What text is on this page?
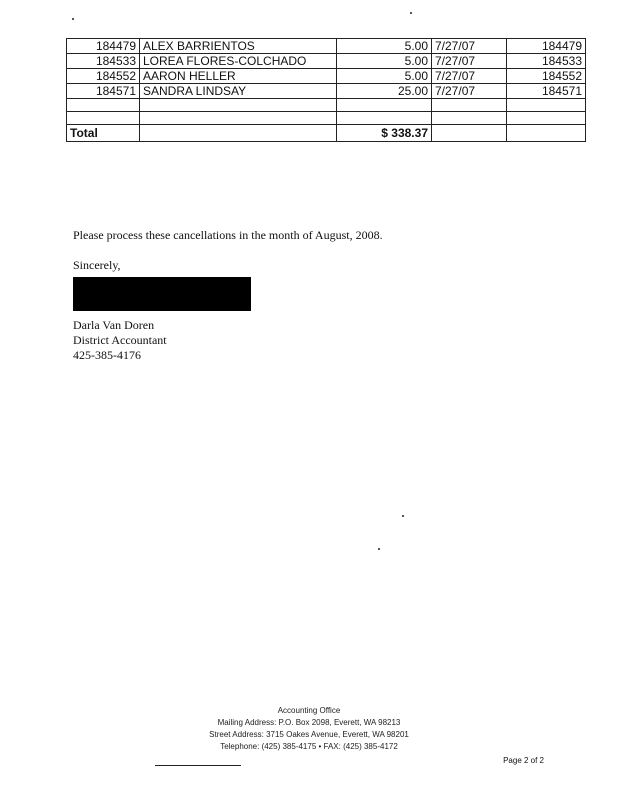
184479	ALEX BARRIENTOS	5.00	7/27/07	184479
184533	LOREA FLORES-COLCHADO	5.00	7/27/07	184533
184552	AARON HELLER	5.00	7/27/07	184552
184571	SANDRA LINDSAY	25.00	7/27/07	184571

Total		$ 338.37		
Please process these cancellations in the month of August, 2008.
Sincerely,
Darla Van Doren
District Accountant
425-385-4176
Accounting Office
Mailing Address: P.O. Box 2098, Everett, WA 98213
Street Address: 3715 Oakes Avenue, Everett, WA 98201
Telephone: (425) 385-4175 • FAX: (425) 385-4172
Page 2 of 2
